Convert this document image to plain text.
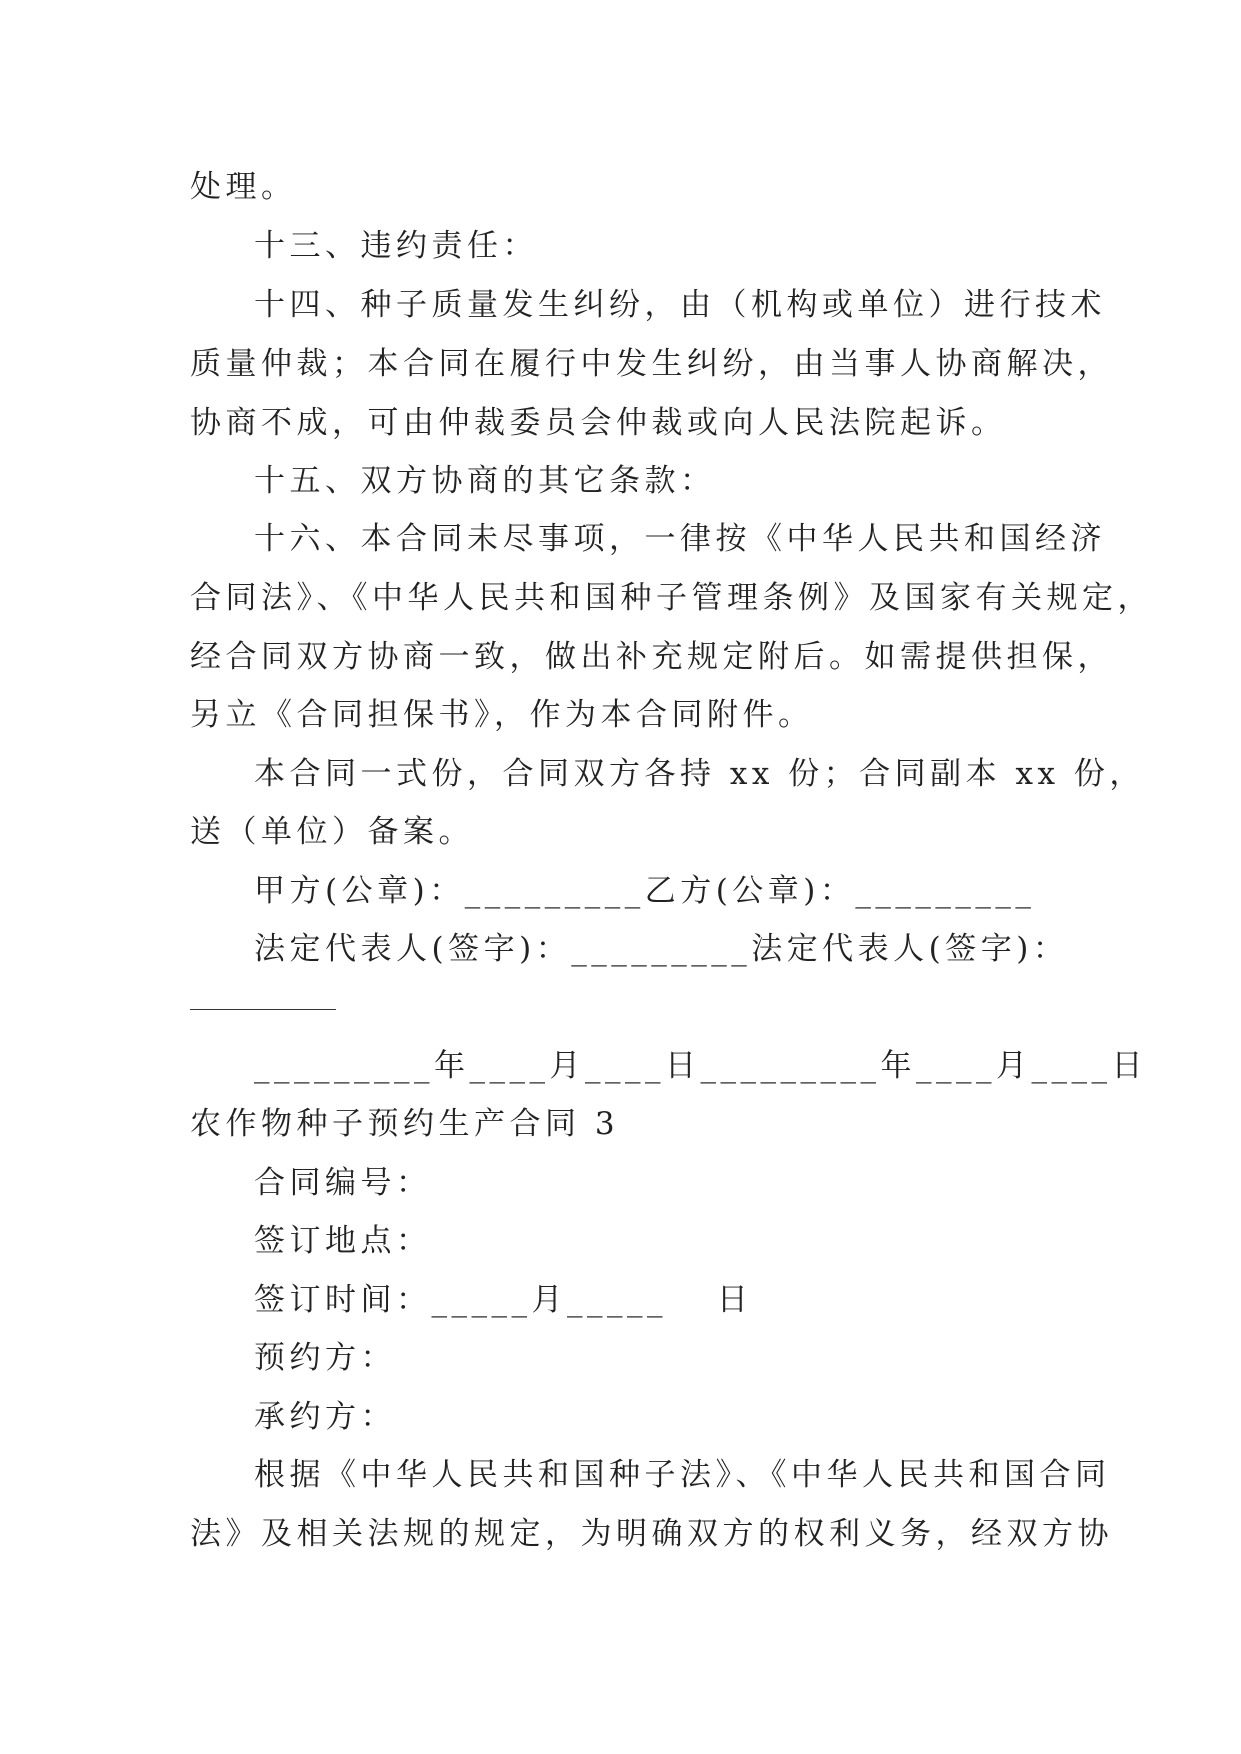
处理。
十三、违约责任：
十四、种子质量发生纠纷，由（机构或单位）进行技术
质量仲裁；本合同在履行中发生纠纷，由当事人协商解决，
协商不成，可由仲裁委员会仲裁或向人民法院起诉。
十五、双方协商的其它条款：
十六、本合同未尽事项，一律按《中华人民共和国经济
合同法》、《中华人民共和国种子管理条例》及国家有关规定，
经合同双方协商一致，做出补充规定附后。如需提供担保，
另立《合同担保书》，作为本合同附件。
本合同一式份，合同双方各持 xx 份；合同副本 xx 份，
送（单位）备案。
甲方(公章)：_________乙方(公章)：_________
法定代表人(签字)：_________法定代表人(签字)：
_________年____月____日_________年____月____日
农作物种子预约生产合同 3
合同编号：
签订地点：
签订时间：_____月_____　 日
预约方：
承约方：
根据《中华人民共和国种子法》、《中华人民共和国合同
法》及相关法规的规定，为明确双方的权利义务，经双方协
